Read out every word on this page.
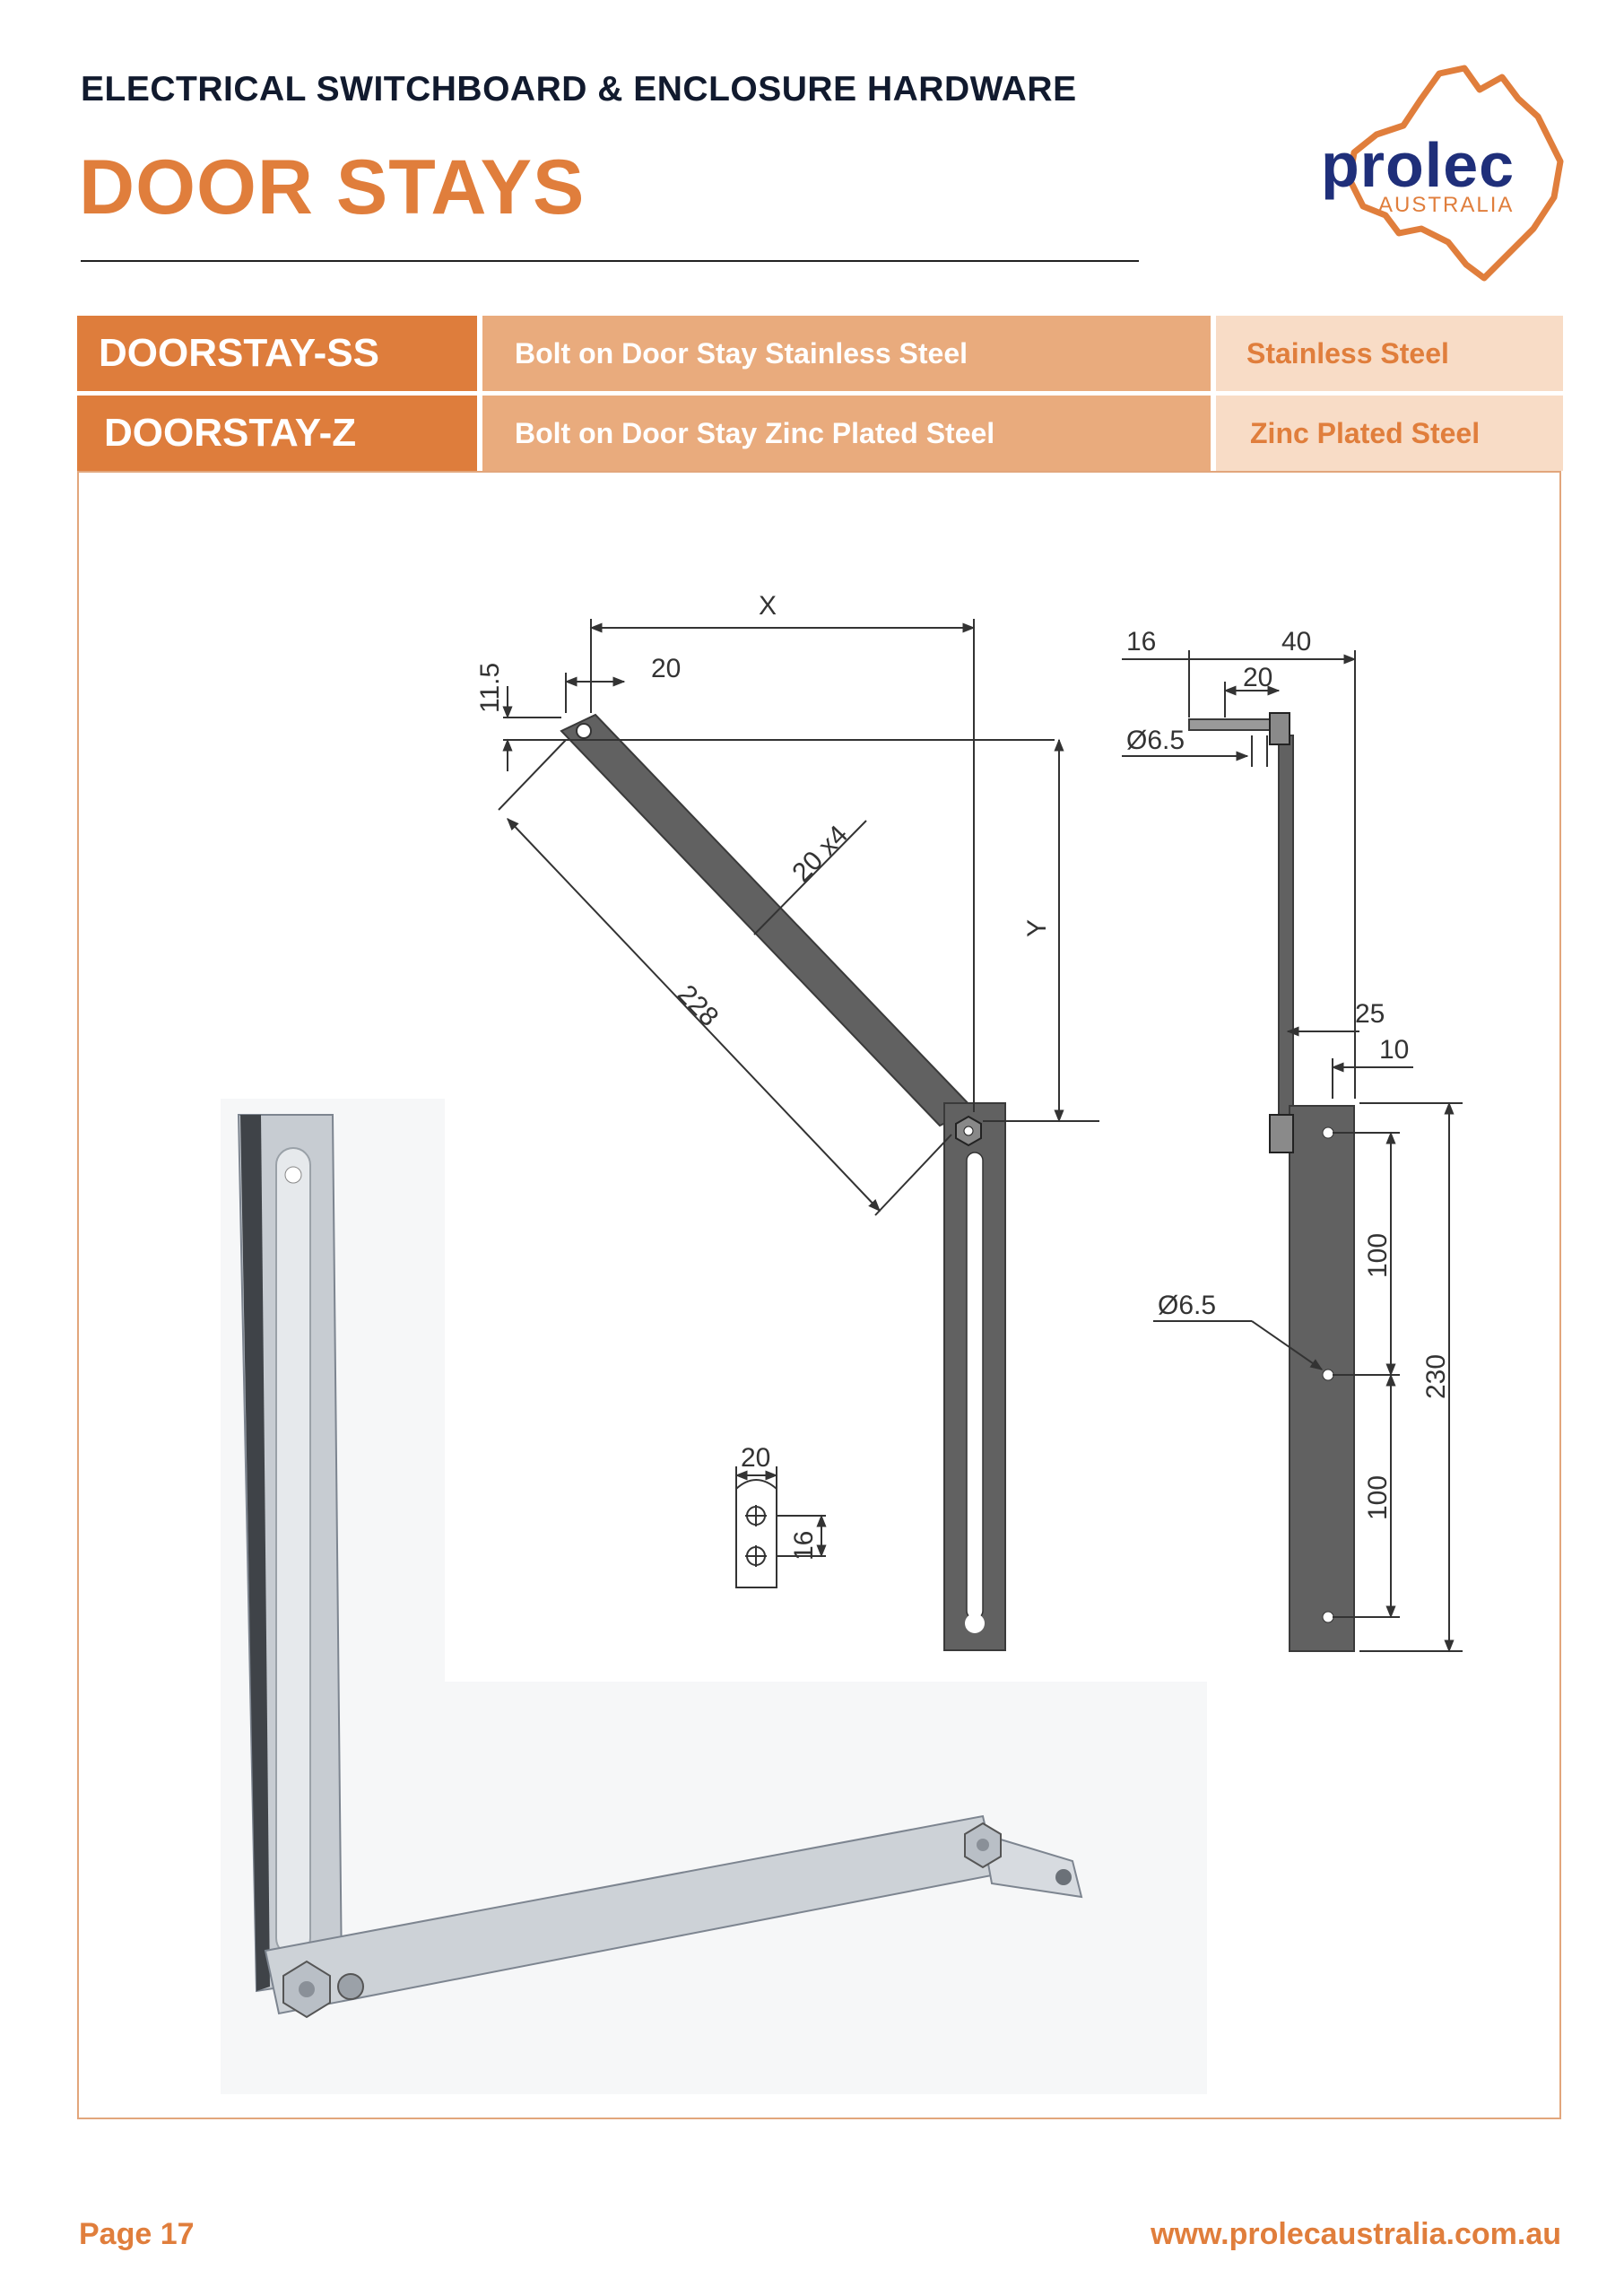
ELECTRICAL SWITCHBOARD & ENCLOSURE HARDWARE
DOOR STAYS	prolec
AUSTRALIA
DOORSTAY-SS	Bolt on Door Stay Stainless Steel	Stainless Steel
DOORSTAY-Z	Bolt on Door Stay Zinc Plated Steel	Zinc Plated Steel
X
20
11.5
Y
228
20 x4
20
16
16	40
20
Ø6.5
25
10
100
100
230
Ø6.5
Page 17	www.prolecaustralia.com.au
